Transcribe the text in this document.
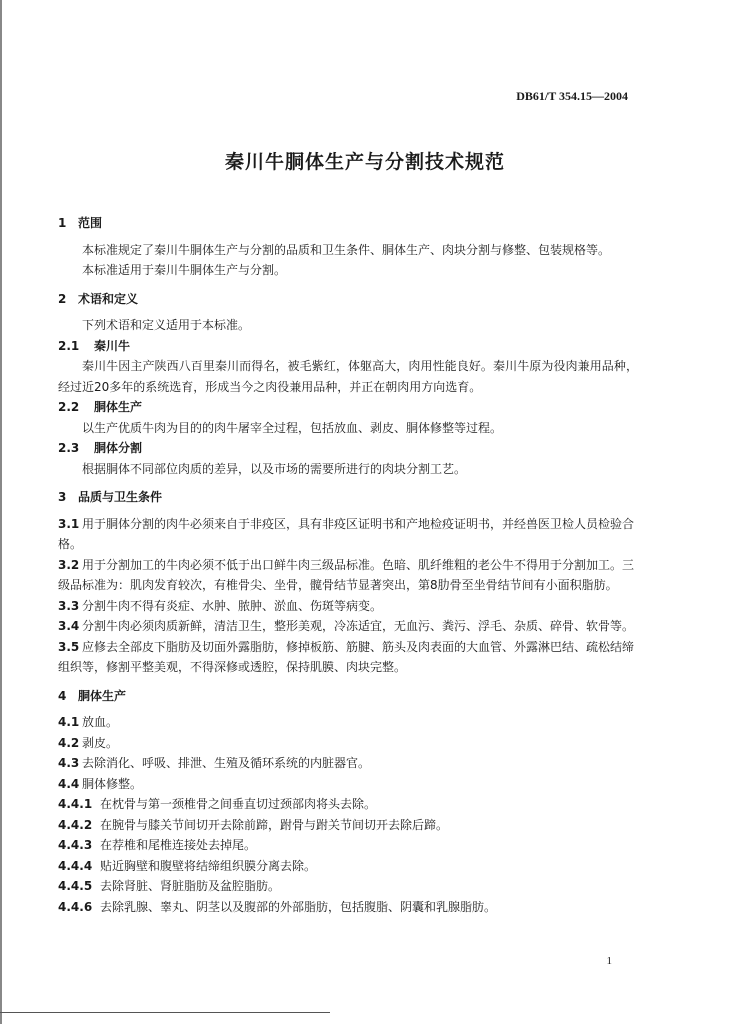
DB61/T 354.15—2004
秦川牛胴体生产与分割技术规范
1 范围
本标准规定了秦川牛胴体生产与分割的品质和卫生条件、胴体生产、肉块分割与修整、包装规格等。
本标准适用于秦川牛胴体生产与分割。
2 术语和定义
下列术语和定义适用于本标准。
2.1 秦川牛
秦川牛因主产陕西八百里秦川而得名，被毛紫红，体躯高大，肉用性能良好。秦川牛原为役肉兼用品种，经过近20多年的系统选育，形成当今之肉役兼用品种，并正在朝肉用方向选育。
2.2 胴体生产
以生产优质牛肉为目的的肉牛屠宰全过程，包括放血、剥皮、胴体修整等过程。
2.3 胴体分割
根据胴体不同部位肉质的差异，以及市场的需要所进行的肉块分割工艺。
3 品质与卫生条件
3.1 用于胴体分割的肉牛必须来自于非疫区，具有非疫区证明书和产地检疫证明书，并经兽医卫检人员检验合格。
3.2 用于分割加工的牛肉必须不低于出口鲜牛肉三级品标准。色暗、肌纤维粗的老公牛不得用于分割加工。三级品标准为：肌肉发育较次，有椎骨尖、坐骨，髋骨结节显著突出，第8肋骨至坐骨结节间有小面积脂肪。
3.3 分割牛肉不得有炎症、水肿、脓肿、淤血、伤斑等病变。
3.4 分割牛肉必须肉质新鲜，清洁卫生，整形美观，冷冻适宜，无血污、粪污、浮毛、杂质、碎骨、软骨等。
3.5 应修去全部皮下脂肪及切面外露脂肪，修掉板筋、筋腱、筋头及肉表面的大血管、外露淋巴结、疏松结缔组织等，修割平整美观，不得深修或透腔，保持肌膜、肉块完整。
4 胴体生产
4.1 放血。
4.2 剥皮。
4.3 去除消化、呼吸、排泄、生殖及循环系统的内脏器官。
4.4 胴体修整。
4.4.1 在枕骨与第一颈椎骨之间垂直切过颈部肉将头去除。
4.4.2 在腕骨与膝关节间切开去除前蹄，跗骨与跗关节间切开去除后蹄。
4.4.3 在荐椎和尾椎连接处去掉尾。
4.4.4 贴近胸壁和腹壁将结缔组织膜分离去除。
4.4.5 去除肾脏、肾脏脂肪及盆腔脂肪。
4.4.6 去除乳腺、睾丸、阴茎以及腹部的外部脂肪，包括腹脂、阴囊和乳腺脂肪。
1
